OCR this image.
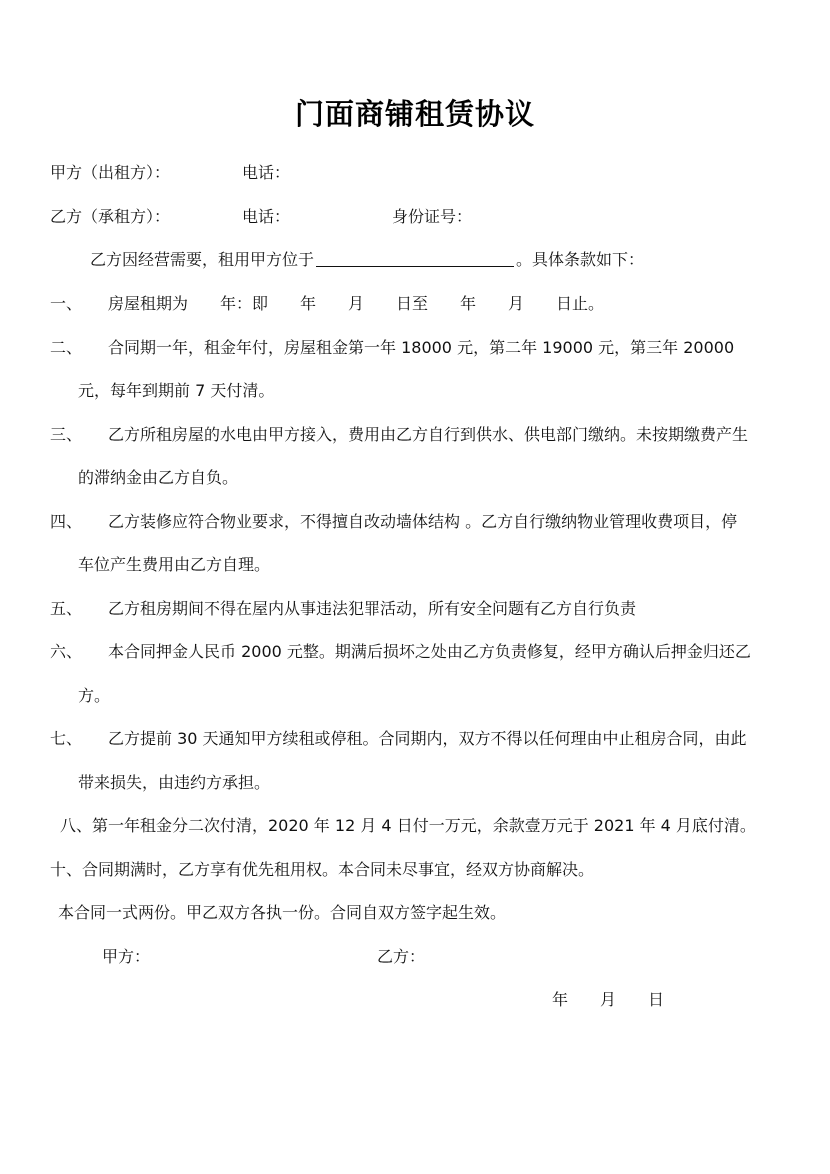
门面商铺租赁协议
甲方（出租方）：	电话：
乙方（承租方）：	电话：	身份证号：
乙方因经营需要，租用甲方位于	。具体条款如下：
一、 房屋租期为　　年：即　　年　　月　　日至　　年　　月　　日止。
二、 合同期一年，租金年付，房屋租金第一年 18000 元，第二年 19000 元，第三年 20000
元，每年到期前 7 天付清。
三、 乙方所租房屋的水电由甲方接入，费用由乙方自行到供水、供电部门缴纳。未按期缴费产生
的滞纳金由乙方自负。
四、 乙方装修应符合物业要求，不得擅自改动墙体结构 。乙方自行缴纳物业管理收费项目，停
车位产生费用由乙方自理。
五、 乙方租房期间不得在屋内从事违法犯罪活动，所有安全问题有乙方自行负责
六、 本合同押金人民币 2000 元整。期满后损坏之处由乙方负责修复，经甲方确认后押金归还乙
方。
七、 乙方提前 30 天通知甲方续租或停租。合同期内，双方不得以任何理由中止租房合同，由此
带来损失，由违约方承担。
八、第一年租金分二次付清，2020 年 12 月 4 日付一万元，余款壹万元于 2021 年 4 月底付清。
十、合同期满时，乙方享有优先租用权。本合同未尽事宜，经双方协商解决。
本合同一式两份。甲乙双方各执一份。合同自双方签字起生效。
甲方：	乙方：
年　　月　　日
